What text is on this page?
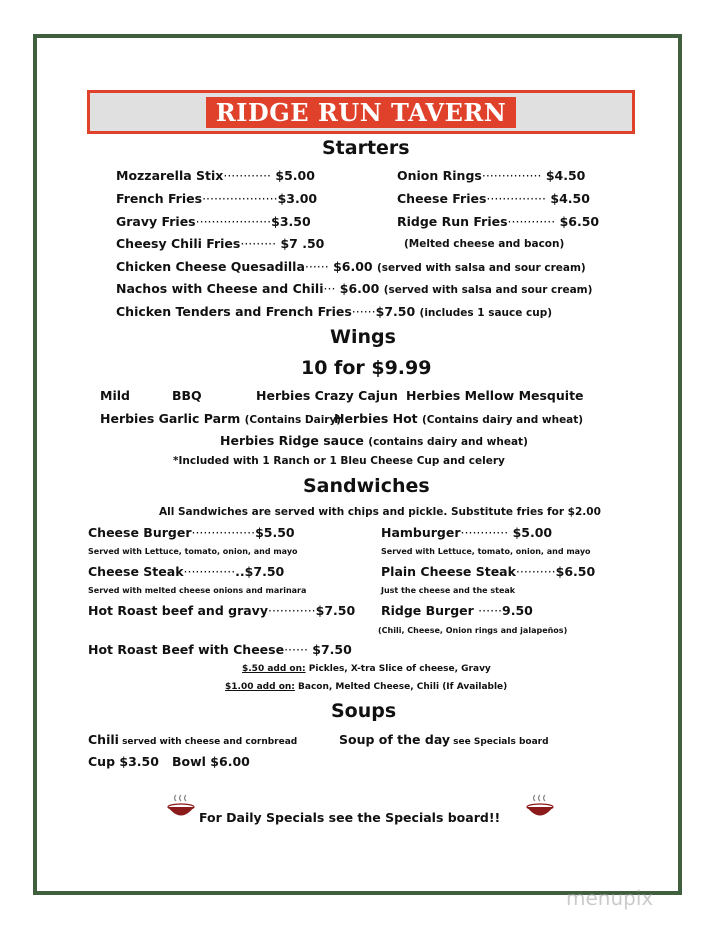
RIDGE RUN TAVERN
Starters
Mozzarella Stix············ $5.00
French Fries···················$3.00
Gravy Fries···················$3.50
Cheesy Chili Fries········· $7 .50
Onion Rings··············· $4.50
Cheese Fries··············· $4.50
Ridge Run Fries············ $6.50
(Melted cheese and bacon)
Chicken Cheese Quesadilla······ $6.00 (served with salsa and sour cream)
Nachos with Cheese and Chili··· $6.00 (served with salsa and sour cream)
Chicken Tenders and French Fries······$7.50 (includes 1 sauce cup)
Wings
10 for $9.99
Mild	BBQ	Herbies Crazy Cajun Herbies Mellow Mesquite
Herbies Garlic Parm (Contains Dairy)
Herbies Hot (Contains dairy and wheat)
Herbies Ridge sauce (contains dairy and wheat)
*Included with 1 Ranch or 1 Bleu Cheese Cup and celery
Sandwiches
All Sandwiches are served with chips and pickle. Substitute fries for $2.00
Cheese Burger················$5.50
Served with Lettuce, tomato, onion, and mayo
Hamburger············ $5.00
Served with Lettuce, tomato, onion, and mayo
Cheese Steak·············..$7.50
Served with melted cheese onions and marinara
Plain Cheese Steak··········$6.50
Just the cheese and the steak
Hot Roast beef and gravy············$7.50 Ridge Burger ······9.50
(Chili, Cheese, Onion rings and jalapeños)
Hot Roast Beef with Cheese······ $7.50
$.50 add on: Pickles, X-tra Slice of cheese, Gravy
$1.00 add on: Bacon, Melted Cheese, Chili (If Available)
Soups
Chili served with cheese and cornbread	Soup of the day see Specials board
Cup $3.50 Bowl $6.00
For Daily Specials see the Specials board!!
menupix
